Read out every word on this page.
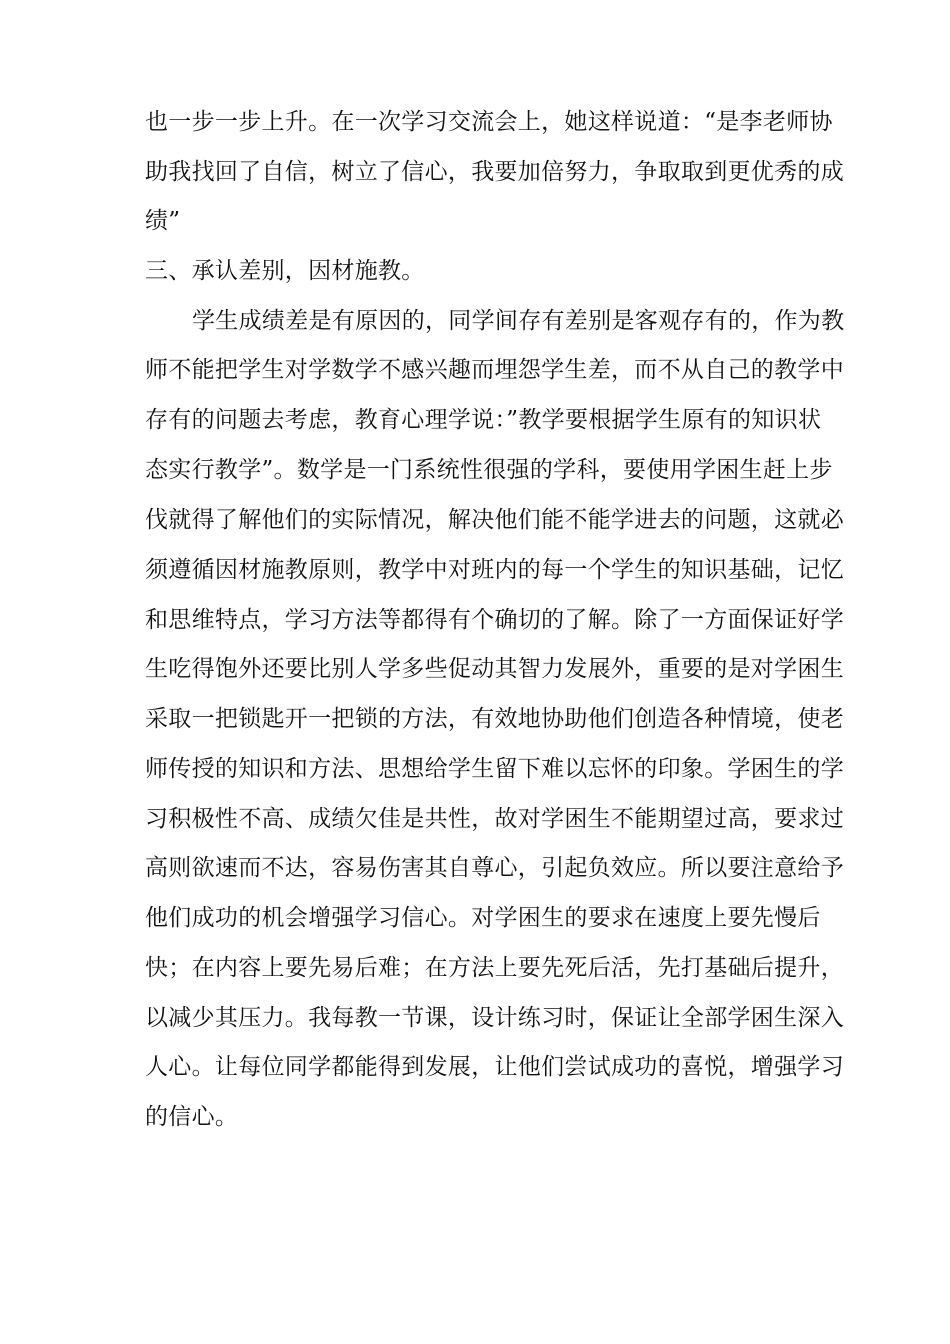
也一步一步上升。在一次学习交流会上，她这样说道：“是李老师协
助我找回了自信，树立了信心，我要加倍努力，争取取到更优秀的成
绩”
三、承认差别，因材施教。
学生成绩差是有原因的，同学间存有差别是客观存有的，作为教
师不能把学生对学数学不感兴趣而埋怨学生差，而不从自己的教学中
存有的问题去考虑，教育心理学说：”教学要根据学生原有的知识状
态实行教学”。数学是一门系统性很强的学科，要使用学困生赶上步
伐就得了解他们的实际情况，解决他们能不能学进去的问题，这就必
须遵循因材施教原则，教学中对班内的每一个学生的知识基础，记忆
和思维特点，学习方法等都得有个确切的了解。除了一方面保证好学
生吃得饱外还要比别人学多些促动其智力发展外，重要的是对学困生
采取一把锁匙开一把锁的方法，有效地协助他们创造各种情境，使老
师传授的知识和方法、思想给学生留下难以忘怀的印象。学困生的学
习积极性不高、成绩欠佳是共性，故对学困生不能期望过高，要求过
高则欲速而不达，容易伤害其自尊心，引起负效应。所以要注意给予
他们成功的机会增强学习信心。对学困生的要求在速度上要先慢后
快；在内容上要先易后难；在方法上要先死后活，先打基础后提升，
以减少其压力。我每教一节课，设计练习时，保证让全部学困生深入
人心。让每位同学都能得到发展，让他们尝试成功的喜悦，增强学习
的信心。
